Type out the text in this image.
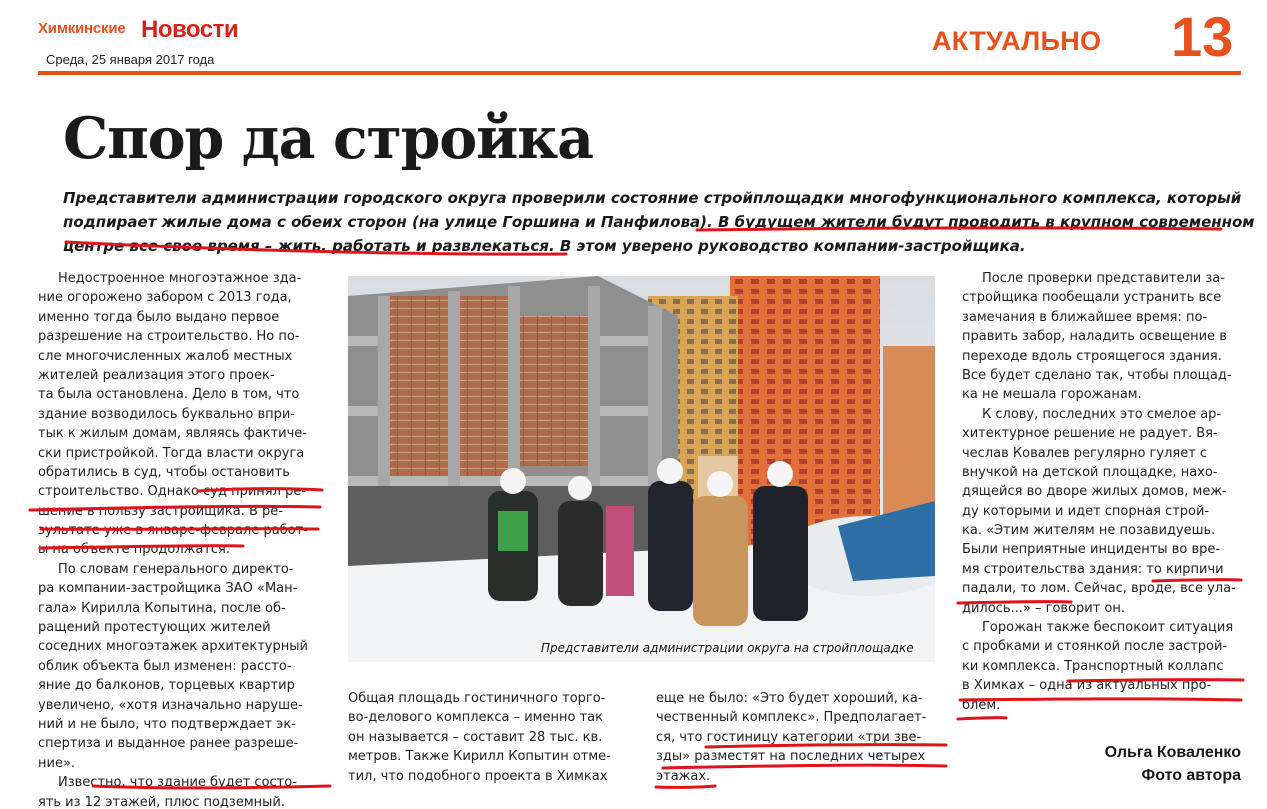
Химкинские Новости
Среда, 25 января 2017 года
АКТУАЛЬНО 13
Спор да стройка
Представители администрации городского округа проверили состояние стройплощадки многофункционального комплекса, который
подпирает жилые дома с обеих сторон (на улице Горшина и Панфилова). В будущем жители будут проводить в крупном современном
центре все свое время – жить, работать и развлекаться. В этом уверено руководство компании-застройщика.
Недостроенное многоэтажное зда-
ние огорожено забором с 2013 года,
именно тогда было выдано первое
разрешение на строительство. Но по-
сле многочисленных жалоб местных
жителей реализация этого проек-
та была остановлена. Дело в том, что
здание возводилось буквально впри-
тык к жилым домам, являясь фактиче-
ски пристройкой. Тогда власти округа
обратились в суд, чтобы остановить
строительство. Однако суд принял ре-
шение в пользу застройщика. В ре-
зультате уже в январе-феврале работ-
ы на объекте продолжатся.
По словам генерального директо-
ра компании-застройщика ЗАО «Ман-
гала» Кирилла Копытина, после об-
ращений протестующих жителей
соседних многоэтажек архитектурный
облик объекта был изменен: рассто-
яние до балконов, торцевых квартир
увеличено, «хотя изначально наруше-
ний и не было, что подтверждает эк-
спертиза и выданное ранее разреше-
ние».
Известно, что здание будет состо-
ять из 12 этажей, плюс подземный.
Представители администрации округа на стройплощадке
Общая площадь гостиничного торго-
во-делового комплекса – именно так
он называется – составит 28 тыс. кв.
метров. Также Кирилл Копытин отме-
тил, что подобного проекта в Химках
еще не было: «Это будет хороший, ка-
чественный комплекс». Предполагает-
ся, что гостиницу категории «три зве-
зды» разместят на последних четырех
этажах.
После проверки представители за-
стройщика пообещали устранить все
замечания в ближайшее время: по-
править забор, наладить освещение в
переходе вдоль строящегося здания.
Все будет сделано так, чтобы площад-
ка не мешала горожанам.
К слову, последних это смелое ар-
хитектурное решение не радует. Вя-
чеслав Ковалев регулярно гуляет с
внучкой на детской площадке, нахо-
дящейся во дворе жилых домов, меж-
ду которыми и идет спорная строй-
ка. «Этим жителям не позавидуешь.
Были неприятные инциденты во вре-
мя строительства здания: то кирпичи
падали, то лом. Сейчас, вроде, все ула-
дилось...» – говорит он.
Горожан также беспокоит ситуация
с пробками и стоянкой после застрой-
ки комплекса. Транспортный коллапс
в Химках – одна из актуальных про-
блем.
Ольга Коваленко
Фото автора
